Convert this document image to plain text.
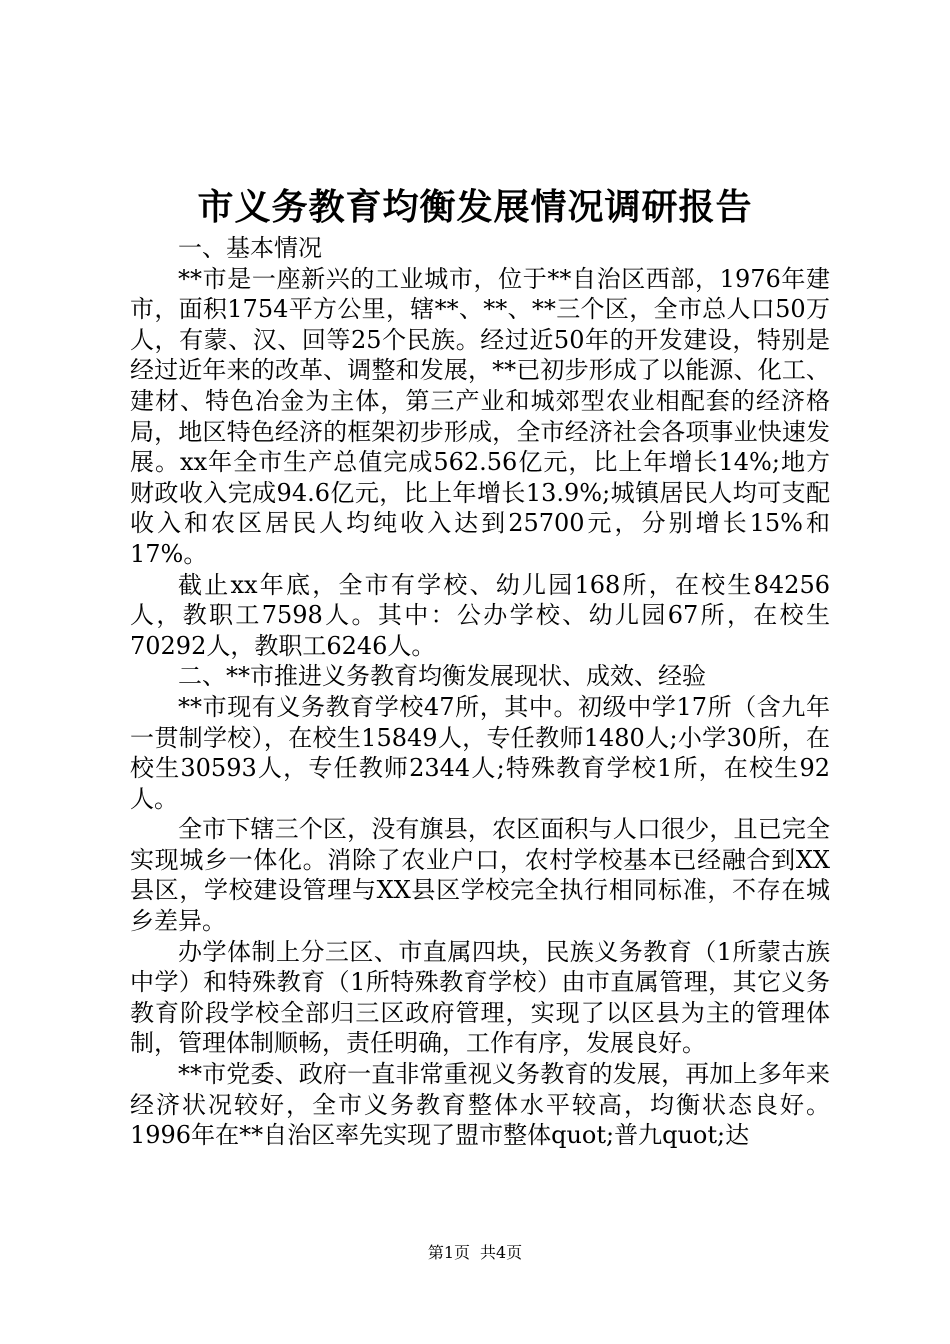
市义务教育均衡发展情况调研报告

一、基本情况

**市是一座新兴的工业城市，位于**自治区西部，1976年建市，面积1754平方公里，辖**、**、**三个区，全市总人口50万人，有蒙、汉、回等25个民族。经过近50年的开发建设，特别是经过近年来的改革、调整和发展，**已初步形成了以能源、化工、建材、特色冶金为主体，第三产业和城郊型农业相配套的经济格局，地区特色经济的框架初步形成，全市经济社会各项事业快速发展。xx年全市生产总值完成562.56亿元，比上年增长14%;地方财政收入完成94.6亿元，比上年增长13.9%;城镇居民人均可支配收入和农区居民人均纯收入达到25700元，分别增长15%和17%。

截止xx年底，全市有学校、幼儿园168所，在校生84256人，教职工7598人。其中：公办学校、幼儿园67所，在校生70292人，教职工6246人。

二、**市推进义务教育均衡发展现状、成效、经验

**市现有义务教育学校47所，其中。初级中学17所（含九年一贯制学校），在校生15849人，专任教师1480人;小学30所，在校生30593人，专任教师2344人;特殊教育学校1所，在校生92人。

全市下辖三个区，没有旗县，农区面积与人口很少，且已完全实现城乡一体化。消除了农业户口，农村学校基本已经融合到XX县区，学校建设管理与XX县区学校完全执行相同标准，不存在城乡差异。

办学体制上分三区、市直属四块，民族义务教育（1所蒙古族中学）和特殊教育（1所特殊教育学校）由市直属管理，其它义务教育阶段学校全部归三区政府管理，实现了以区县为主的管理体制，管理体制顺畅，责任明确，工作有序，发展良好。

**市党委、政府一直非常重视义务教育的发展，再加上多年来经济状况较好，全市义务教育整体水平较高，均衡状态良好。1996年在**自治区率先实现了盟市整体quot;普九quot;达

第1页 共4页
